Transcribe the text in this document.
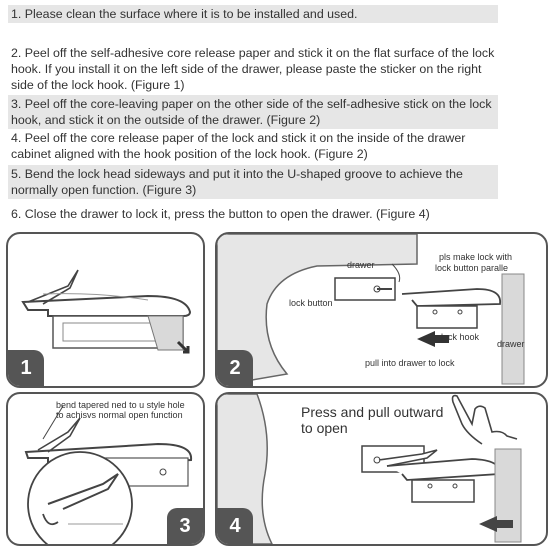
1. Please clean the surface where it is to be installed and used.
2. Peel off the self-adhesive core release paper and stick it on the flat surface of the lock hook. If you install it on the left side of the drawer, please paste the sticker on the right side of the lock hook. (Figure 1)
3. Peel off the core-leaving paper on the other side of the self-adhesive stick on the lock hook, and stick it on the outside of the drawer. (Figure 2)
4. Peel off the core release paper of the lock and stick it on the inside of the drawer cabinet aligned with the hook position of the lock hook. (Figure 2)
5. Bend the lock head sideways and put it into the U-shaped groove to achieve the normally open function. (Figure 3)
6. Close the drawer to lock it, press the button to open the drawer. (Figure 4)
1
drawer
pls make lock with
lock button paralle
lock button
lock hook
drawer
pull into drawer to lock
2
bend tapered ned to u style hole
to achisvs normal open function
3
Press and pull outward
to open
4
